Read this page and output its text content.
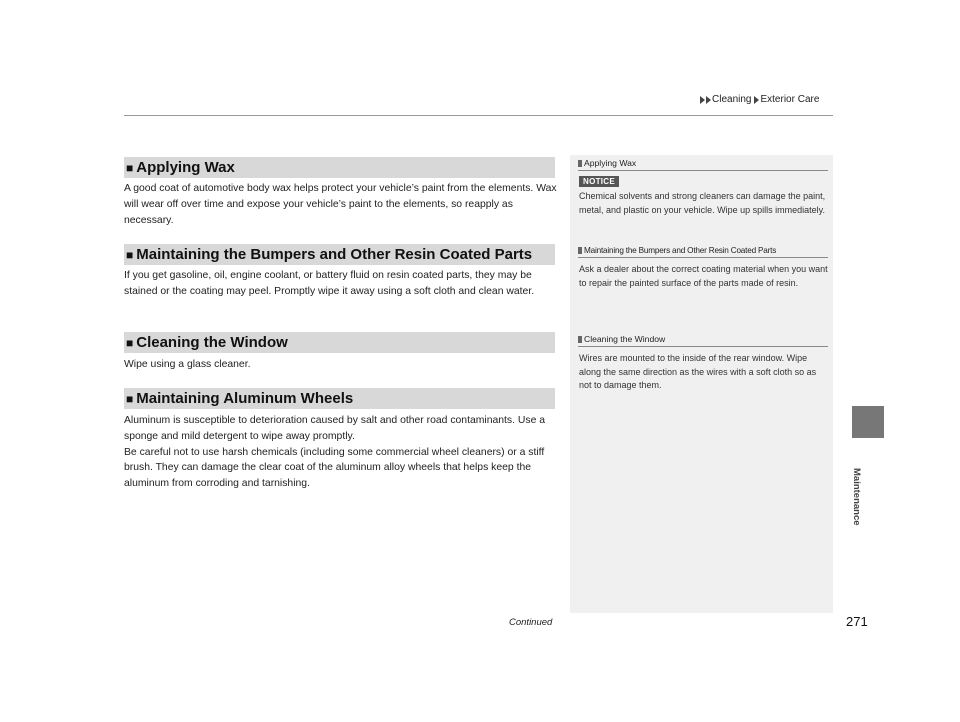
Cleaning Exterior Care
■ Applying Wax

A good coat of automotive body wax helps protect your vehicle’s paint from the elements. Wax will wear off over time and expose your vehicle’s paint to the elements, so reapply as necessary.

■ Maintaining the Bumpers and Other Resin Coated Parts

If you get gasoline, oil, engine coolant, or battery fluid on resin coated parts, they may be stained or the coating may peel. Promptly wipe it away using a soft cloth and clean water.

■ Cleaning the Window

Wipe using a glass cleaner.

■ Maintaining Aluminum Wheels

Aluminum is susceptible to deterioration caused by salt and other road contaminants. Use a sponge and mild detergent to wipe away promptly.

Be careful not to use harsh chemicals (including some commercial wheel cleaners) or a stiff brush. They can damage the clear coat of the aluminum alloy wheels that helps keep the aluminum from corroding and tarnishing.

Applying Wax
NOTICE
Chemical solvents and strong cleaners can damage the paint, metal, and plastic on your vehicle. Wipe up spills immediately.
Maintaining the Bumpers and Other Resin Coated Parts
Ask a dealer about the correct coating material when you want to repair the painted surface of the parts made of resin.
Cleaning the Window
Wires are mounted to the inside of the rear window. Wipe along the same direction as the wires with a soft cloth so as not to damage them.
Maintenance
Continued	271
